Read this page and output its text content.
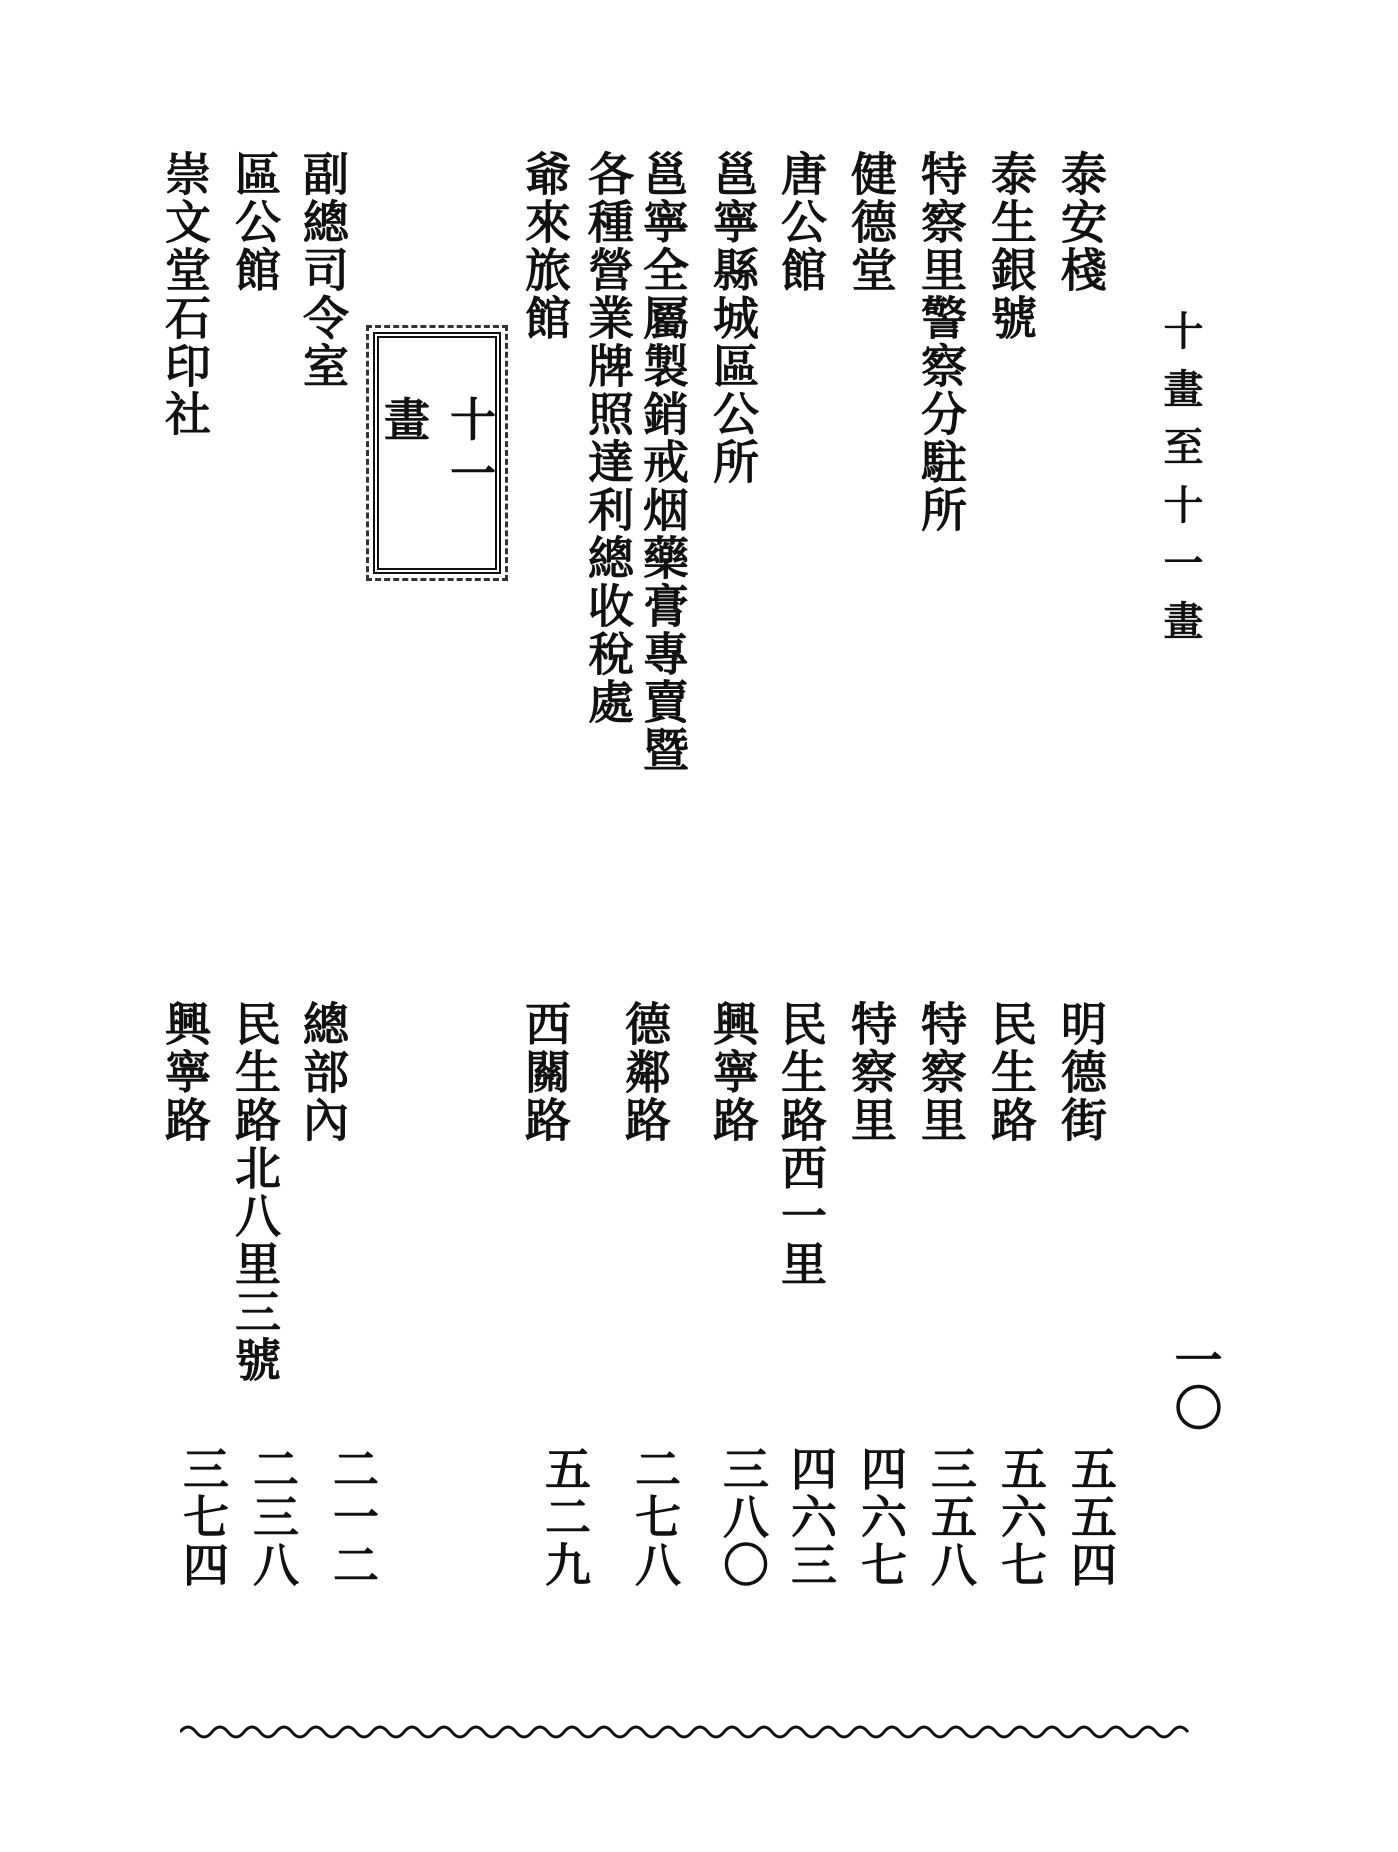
十畫至十一畫
一〇
泰安棧
泰生銀號
特察里警察分駐所
健德堂
唐公館
邕寧縣城區公所
邕寧全屬製銷戒烟藥膏專賣暨
各種營業牌照達利總收稅處
爺來旅館
十一畫
副總司令室
區公館
崇文堂石印社
明德街
民生路
特察里
特察里
民生路西一里
興寧路
德鄰路
西關路
總部內
民生路北八里三號
興寧路
五五四
五六七
三五八
四六七
四六三
三八〇
二七八
五二九
二一二
二三八
三七四
